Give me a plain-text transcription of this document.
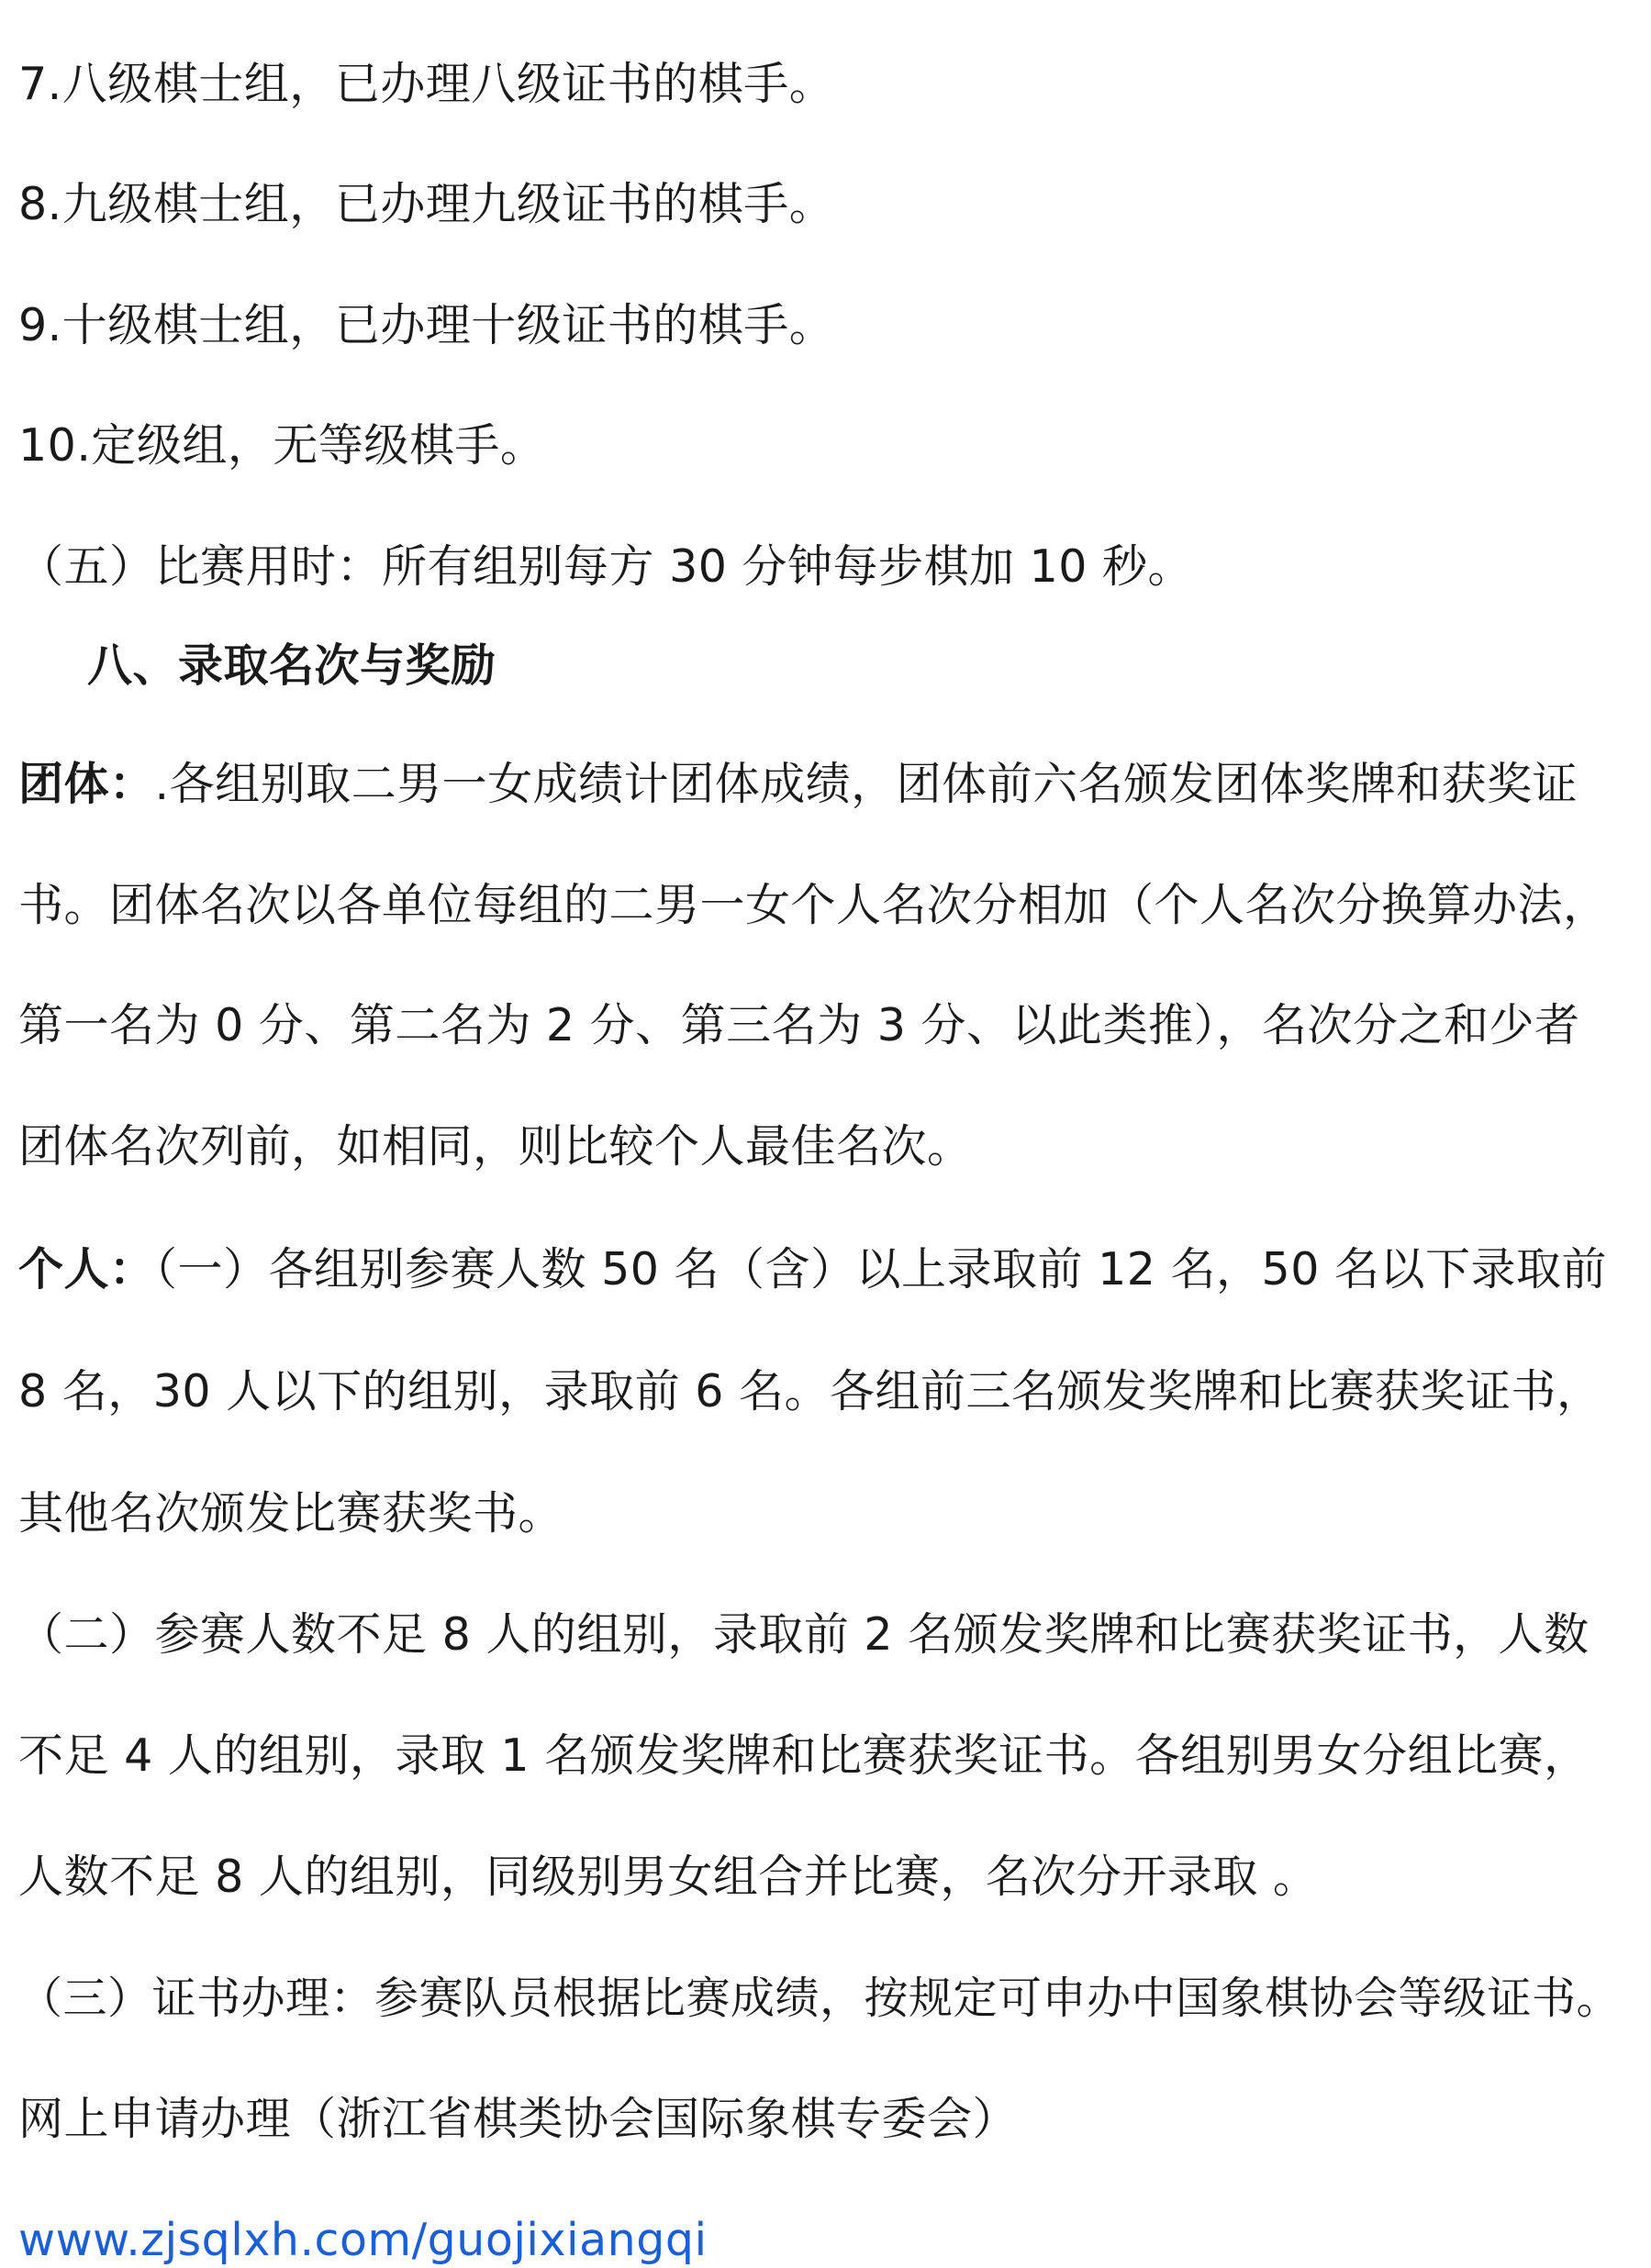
7.八级棋士组，已办理八级证书的棋手。
8.九级棋士组，已办理九级证书的棋手。
9.十级棋士组，已办理十级证书的棋手。
10.定级组，无等级棋手。
（五）比赛用时：所有组别每方 30 分钟每步棋加 10 秒。
八、录取名次与奖励
团体：.各组别取二男一女成绩计团体成绩，团体前六名颁发团体奖牌和获奖证
书。团体名次以各单位每组的二男一女个人名次分相加（个人名次分换算办法，
第一名为 0 分、第二名为 2 分、第三名为 3 分、以此类推），名次分之和少者
团体名次列前，如相同，则比较个人最佳名次。
个人：（一）各组别参赛人数 50 名（含）以上录取前 12 名，50 名以下录取前
8 名，30 人以下的组别，录取前 6 名。各组前三名颁发奖牌和比赛获奖证书，
其他名次颁发比赛获奖书。
（二）参赛人数不足 8 人的组别，录取前 2 名颁发奖牌和比赛获奖证书，人数
不足 4 人的组别，录取 1 名颁发奖牌和比赛获奖证书。各组别男女分组比赛，
人数不足 8 人的组别，同级别男女组合并比赛，名次分开录取 。
（三）证书办理：参赛队员根据比赛成绩，按规定可申办中国象棋协会等级证书。
网上申请办理（浙江省棋类协会国际象棋专委会）
www.zjsqlxh.com/guojixiangqi
